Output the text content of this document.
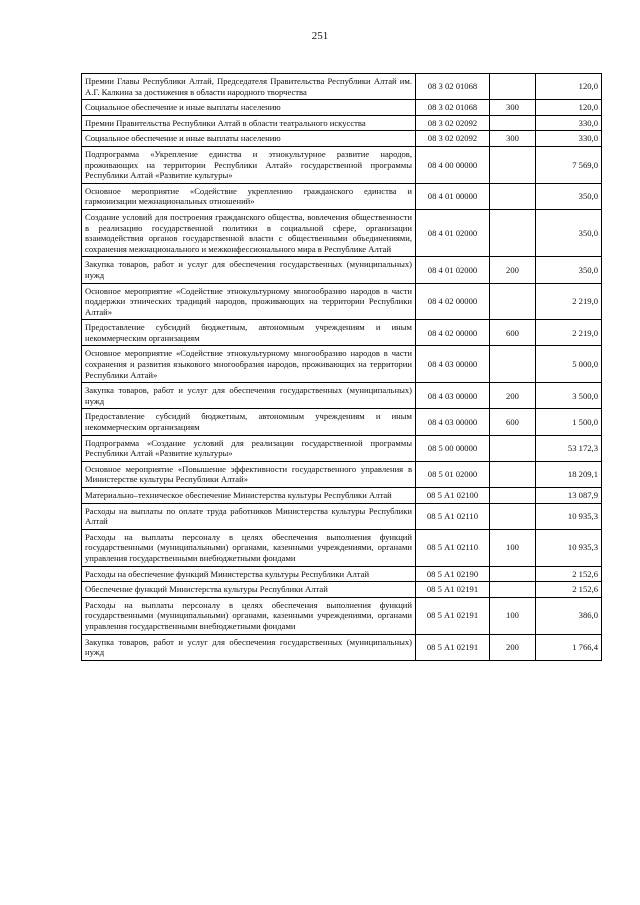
251
Премии Главы Республики Алтай, Председателя Правительства Республики Алтай им. А.Г. Калкина за достижения в области народного творчества	08 3 02 01068		120,0
Социальное обеспечение и иные выплаты населению	08 3 02 01068	300	120,0
Премии Правительства Республики Алтай в области театрального искусства	08 3 02 02092		330,0
Социальное обеспечение и иные выплаты населению	08 3 02 02092	300	330,0
Подпрограмма «Укрепление единства и этнокультурное развитие народов, проживающих на территории Республики Алтай» государственной программы Республики Алтай «Развитие культуры»	08 4 00 00000		7 569,0
Основное мероприятие «Содействие укреплению гражданского единства и гармонизации межнациональных отношений»	08 4 01 00000		350,0
Создание условий для построения гражданского общества, вовлечения общественности в реализацию государственной политики в социальной сфере, организации взаимодействия органов государственной власти с общественными объединениями, сохранения межнационального и межконфессионального мира в Республике Алтай	08 4 01 02000		350,0
Закупка товаров, работ и услуг для обеспечения государственных (муниципальных) нужд	08 4 01 02000	200	350,0
Основное мероприятие «Содействие этнокультурному многообразию народов в части поддержки этнических традиций народов, проживающих на территории Республики Алтай»	08 4 02 00000		2 219,0
Предоставление субсидий бюджетным, автономным учреждениям и иным некоммерческим организациям	08 4 02 00000	600	2 219,0
Основное мероприятие «Содействие этнокультурному многообразию народов в части сохранения и развития языкового многообразия народов, проживающих на территории Республики Алтай»	08 4 03 00000		5 000,0
Закупка товаров, работ и услуг для обеспечения государственных (муниципальных) нужд	08 4 03 00000	200	3 500,0
Предоставление субсидий бюджетным, автономным учреждениям и иным некоммерческим организациям	08 4 03 00000	600	1 500,0
Подпрограмма «Создание условий для реализации государственной программы Республики Алтай «Развитие культуры»	08 5 00 00000		53 172,3
Основное мероприятие «Повышение эффективности государственного управления в Министерстве культуры Республики Алтай»	08 5 01 02000		18 209,1
Материально–техническое обеспечение Министерства культуры Республики Алтай	08 5 А1 02100		13 087,9
Расходы на выплаты по оплате труда работников Министерства культуры Республики Алтай	08 5 А1 02110		10 935,3
Расходы на выплаты персоналу в целях обеспечения выполнения функций государственными (муниципальными) органами, казенными учреждениями, органами управления государственными внебюджетными фондами	08 5 А1 02110	100	10 935,3
Расходы на обеспечение функций Министерства культуры Республики Алтай	08 5 А1 02190		2 152,6
Обеспечение функций Министерства культуры Республики Алтай	08 5 А1 02191		2 152,6
Расходы на выплаты персоналу в целях обеспечения выполнения функций государственными (муниципальными) органами, казенными учреждениями, органами управления государственными внебюджетными фондами	08 5 А1 02191	100	386,0
Закупка товаров, работ и услуг для обеспечения государственных (муниципальных) нужд	08 5 А1 02191	200	1 766,4
